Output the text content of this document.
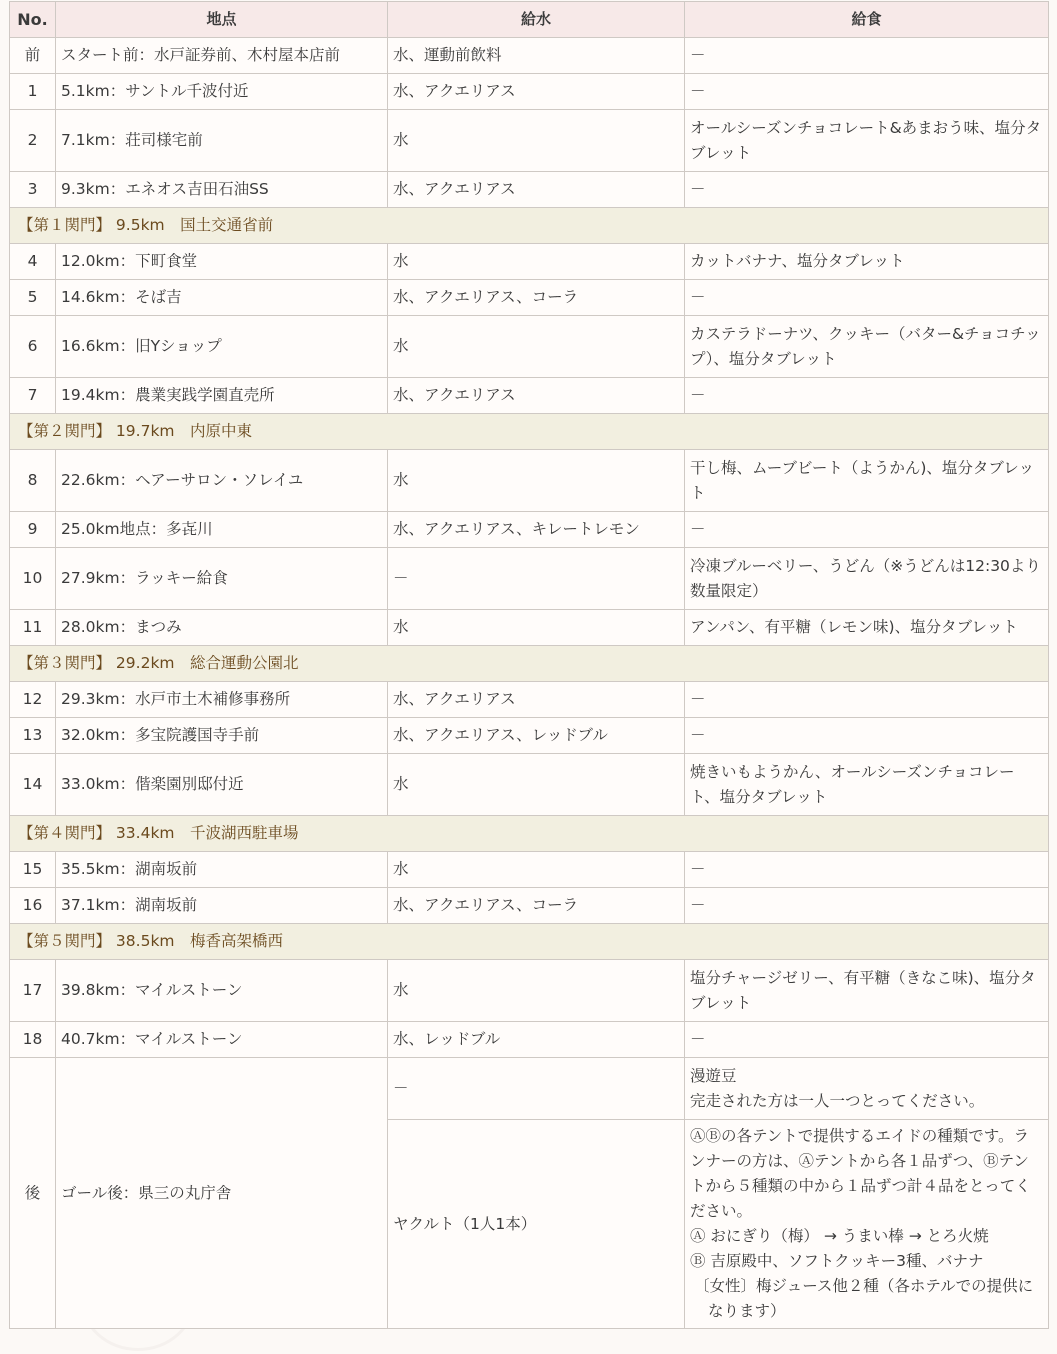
No.	地点	給水	給食
前	スタート前：水戸証券前、木村屋本店前	水、運動前飲料	－
1	5.1km：サントル千波付近	水、アクエリアス	－
2	7.1km：荘司様宅前	水	オールシーズンチョコレート&あまおう味、塩分タブレット
3	9.3km：エネオス吉田石油SS	水、アクエリアス	－
【第１関門】 9.5km　国土交通省前			
4	12.0km：下町食堂	水	カットバナナ、塩分タブレット
5	14.6km：そば吉	水、アクエリアス、コーラ	－
6	16.6km：旧Yショップ	水	カステラドーナツ、クッキー（バター&チョコチップ）、塩分タブレット
7	19.4km：農業実践学園直売所	水、アクエリアス	－
【第２関門】 19.7km　内原中東			
8	22.6km：ヘアーサロン・ソレイユ	水	干し梅、ムーブビート（ようかん)、塩分タブレット
9	25.0km地点：多㐂川	水、アクエリアス、キレートレモン	－
10	27.9km：ラッキー給食	－	冷凍ブルーベリー、うどん（※うどんは12:30より 数量限定）
11	28.0km：まつみ	水	アンパン、有平糖（レモン味)、塩分タブレット
【第３関門】 29.2km　総合運動公園北			
12	29.3km：水戸市土木補修事務所	水、アクエリアス	－
13	32.0km：多宝院護国寺手前	水、アクエリアス、レッドブル	－
14	33.0km：偕楽園別邸付近	水	焼きいもようかん、オールシーズンチョコレート、塩分タブレット
【第４関門】 33.4km　千波湖西駐車場			
15	35.5km：湖南坂前	水	－
16	37.1km：湖南坂前	水、アクエリアス、コーラ	－
【第５関門】 38.5km　梅香高架橋西			
17	39.8km：マイルストーン	水	塩分チャージゼリー、有平糖（きなこ味)、塩分タブレット
18	40.7km：マイルストーン	水、レッドブル	－
後	ゴール後：県三の丸庁舎	－	漫遊豆
完走された方は一人一つとってください。

		ヤクルト（1人1本）	ⒶⒷの各テントで提供するエイドの種類です。ランナーの方は、Ⓐテントから各１品ずつ、Ⓑテントから５種類の中から１品ずつ計４品をとってください。
Ⓐ おにぎり（梅） → うまい棒 → とろ火焼
Ⓑ 吉原殿中、ソフトクッキー3種、バナナ
〔女性〕梅ジュース他２種（各ホテルでの提供になります）
